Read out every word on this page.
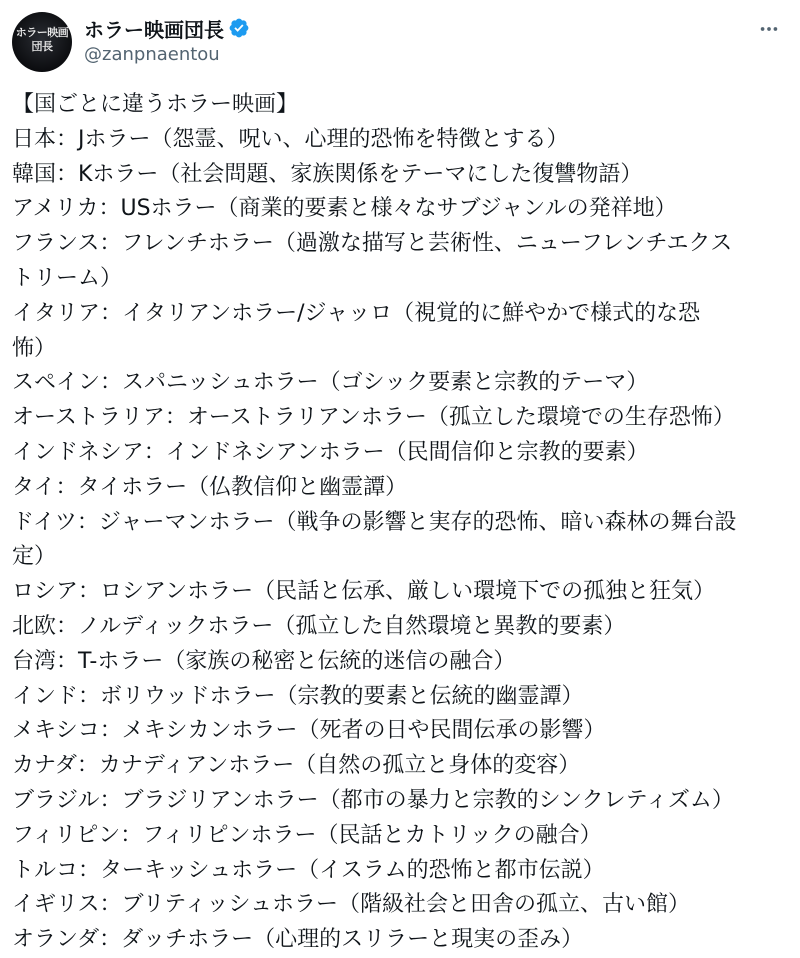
ホラー映画
団長
ホラー映画団長
@zanpnaentou
【国ごとに違うホラー映画】
日本：Jホラー（怨霊、呪い、心理的恐怖を特徴とする）
韓国：Kホラー（社会問題、家族関係をテーマにした復讐物語）
アメリカ：USホラー（商業的要素と様々なサブジャンルの発祥地）
フランス：フレンチホラー（過激な描写と芸術性、ニューフレンチエクス
トリーム）
イタリア：イタリアンホラー/ジャッロ（視覚的に鮮やかで様式的な恐
怖）
スペイン：スパニッシュホラー（ゴシック要素と宗教的テーマ）
オーストラリア：オーストラリアンホラー（孤立した環境での生存恐怖）
インドネシア：インドネシアンホラー（民間信仰と宗教的要素）
タイ：タイホラー（仏教信仰と幽霊譚）
ドイツ：ジャーマンホラー（戦争の影響と実存的恐怖、暗い森林の舞台設
定）
ロシア：ロシアンホラー（民話と伝承、厳しい環境下での孤独と狂気）
北欧：ノルディックホラー（孤立した自然環境と異教的要素）
台湾：T-ホラー（家族の秘密と伝統的迷信の融合）
インド：ボリウッドホラー（宗教的要素と伝統的幽霊譚）
メキシコ：メキシカンホラー（死者の日や民間伝承の影響）
カナダ：カナディアンホラー（自然の孤立と身体的変容）
ブラジル：ブラジリアンホラー（都市の暴力と宗教的シンクレティズム）
フィリピン：フィリピンホラー（民話とカトリックの融合）
トルコ：ターキッシュホラー（イスラム的恐怖と都市伝説）
イギリス：ブリティッシュホラー（階級社会と田舎の孤立、古い館）
オランダ：ダッチホラー（心理的スリラーと現実の歪み）
